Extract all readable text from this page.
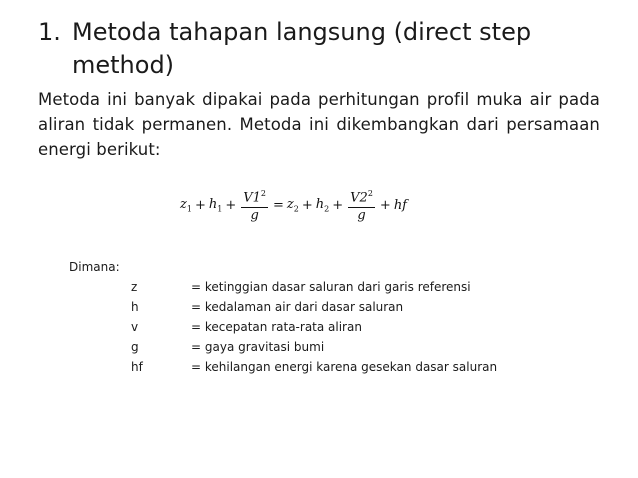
1. Metoda tahapan langsung (direct step method)
Metoda ini banyak dipakai pada perhitungan profil muka air pada aliran tidak permanen. Metoda ini dikembangkan dari persamaan energi berikut:
$z_1 + h_1 + \frac{V1^2}{g} = z_2 + h_2 + \frac{V2^2}{g}$ + hf
Dimana:
z	= ketinggian dasar saluran dari garis referensi
h	= kedalaman air dari dasar saluran
v	= kecepatan rata-rata aliran
g	= gaya gravitasi bumi
hf	= kehilangan energi karena gesekan dasar saluran
